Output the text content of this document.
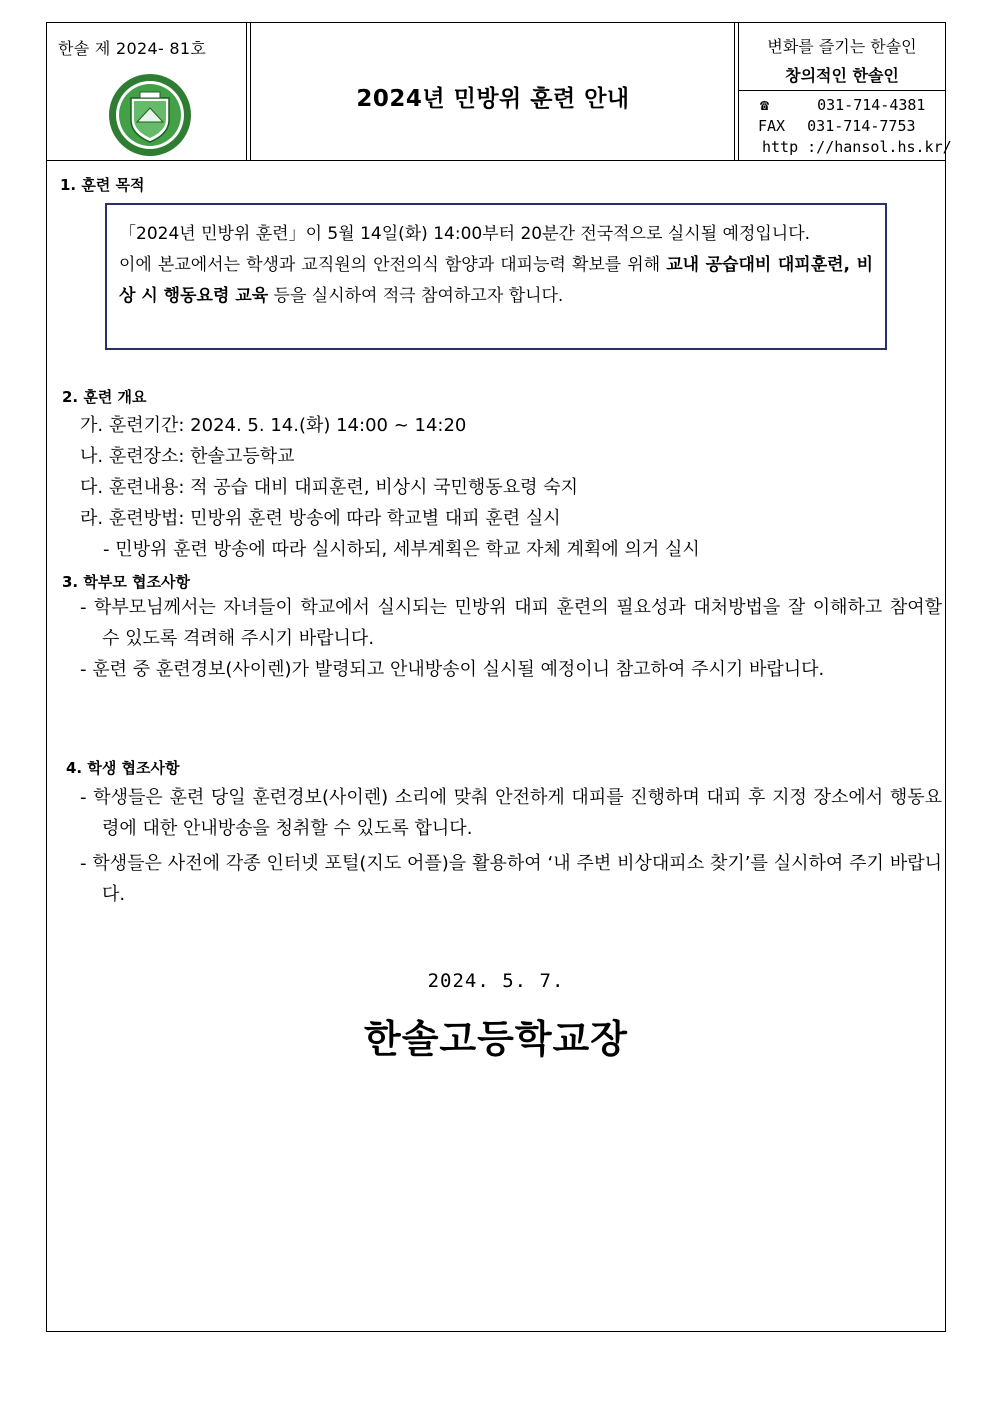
한솔 제 2024- 81호
2024년 민방위 훈련 안내
변화를 즐기는 한솔인
창의적인 한솔인
☎	031-714-4381
FAX 031-714-7753
http ://hansol.hs.kr/
1. 훈련 목적

「2024년 민방위 훈련」이 5월 14일(화) 14:00부터 20분간 전국적으로 실시될 예정입니다.

이에 본교에서는 학생과 교직원의 안전의식 함양과 대피능력 확보를 위해 교내 공습대비 대피훈련, 비상 시 행동요령 교육 등을 실시하여 적극 참여하고자 합니다.

2. 훈련 개요
가. 훈련기간: 2024. 5. 14.(화) 14:00 ~ 14:20
나. 훈련장소: 한솔고등학교
다. 훈련내용: 적 공습 대비 대피훈련, 비상시 국민행동요령 숙지
라. 훈련방법: 민방위 훈련 방송에 따라 학교별 대피 훈련 실시
- 민방위 훈련 방송에 따라 실시하되, 세부계획은 학교 자체 계획에 의거 실시
3. 학부모 협조사항
- 학부모님께서는 자녀들이 학교에서 실시되는 민방위 대피 훈련의 필요성과 대처방법을 잘 이해하고 참여할 수 있도록 격려해 주시기 바랍니다.
- 훈련 중 훈련경보(사이렌)가 발령되고 안내방송이 실시될 예정이니 참고하여 주시기 바랍니다.
4. 학생 협조사항
- 학생들은 훈련 당일 훈련경보(사이렌) 소리에 맞춰 안전하게 대피를 진행하며 대피 후 지정 장소에서 행동요령에 대한 안내방송을 청취할 수 있도록 합니다.
- 학생들은 사전에 각종 인터넷 포털(지도 어플)을 활용하여 ‘내 주변 비상대피소 찾기’를 실시하여 주기 바랍니다.
2024. 5. 7.
한솔고등학교장
